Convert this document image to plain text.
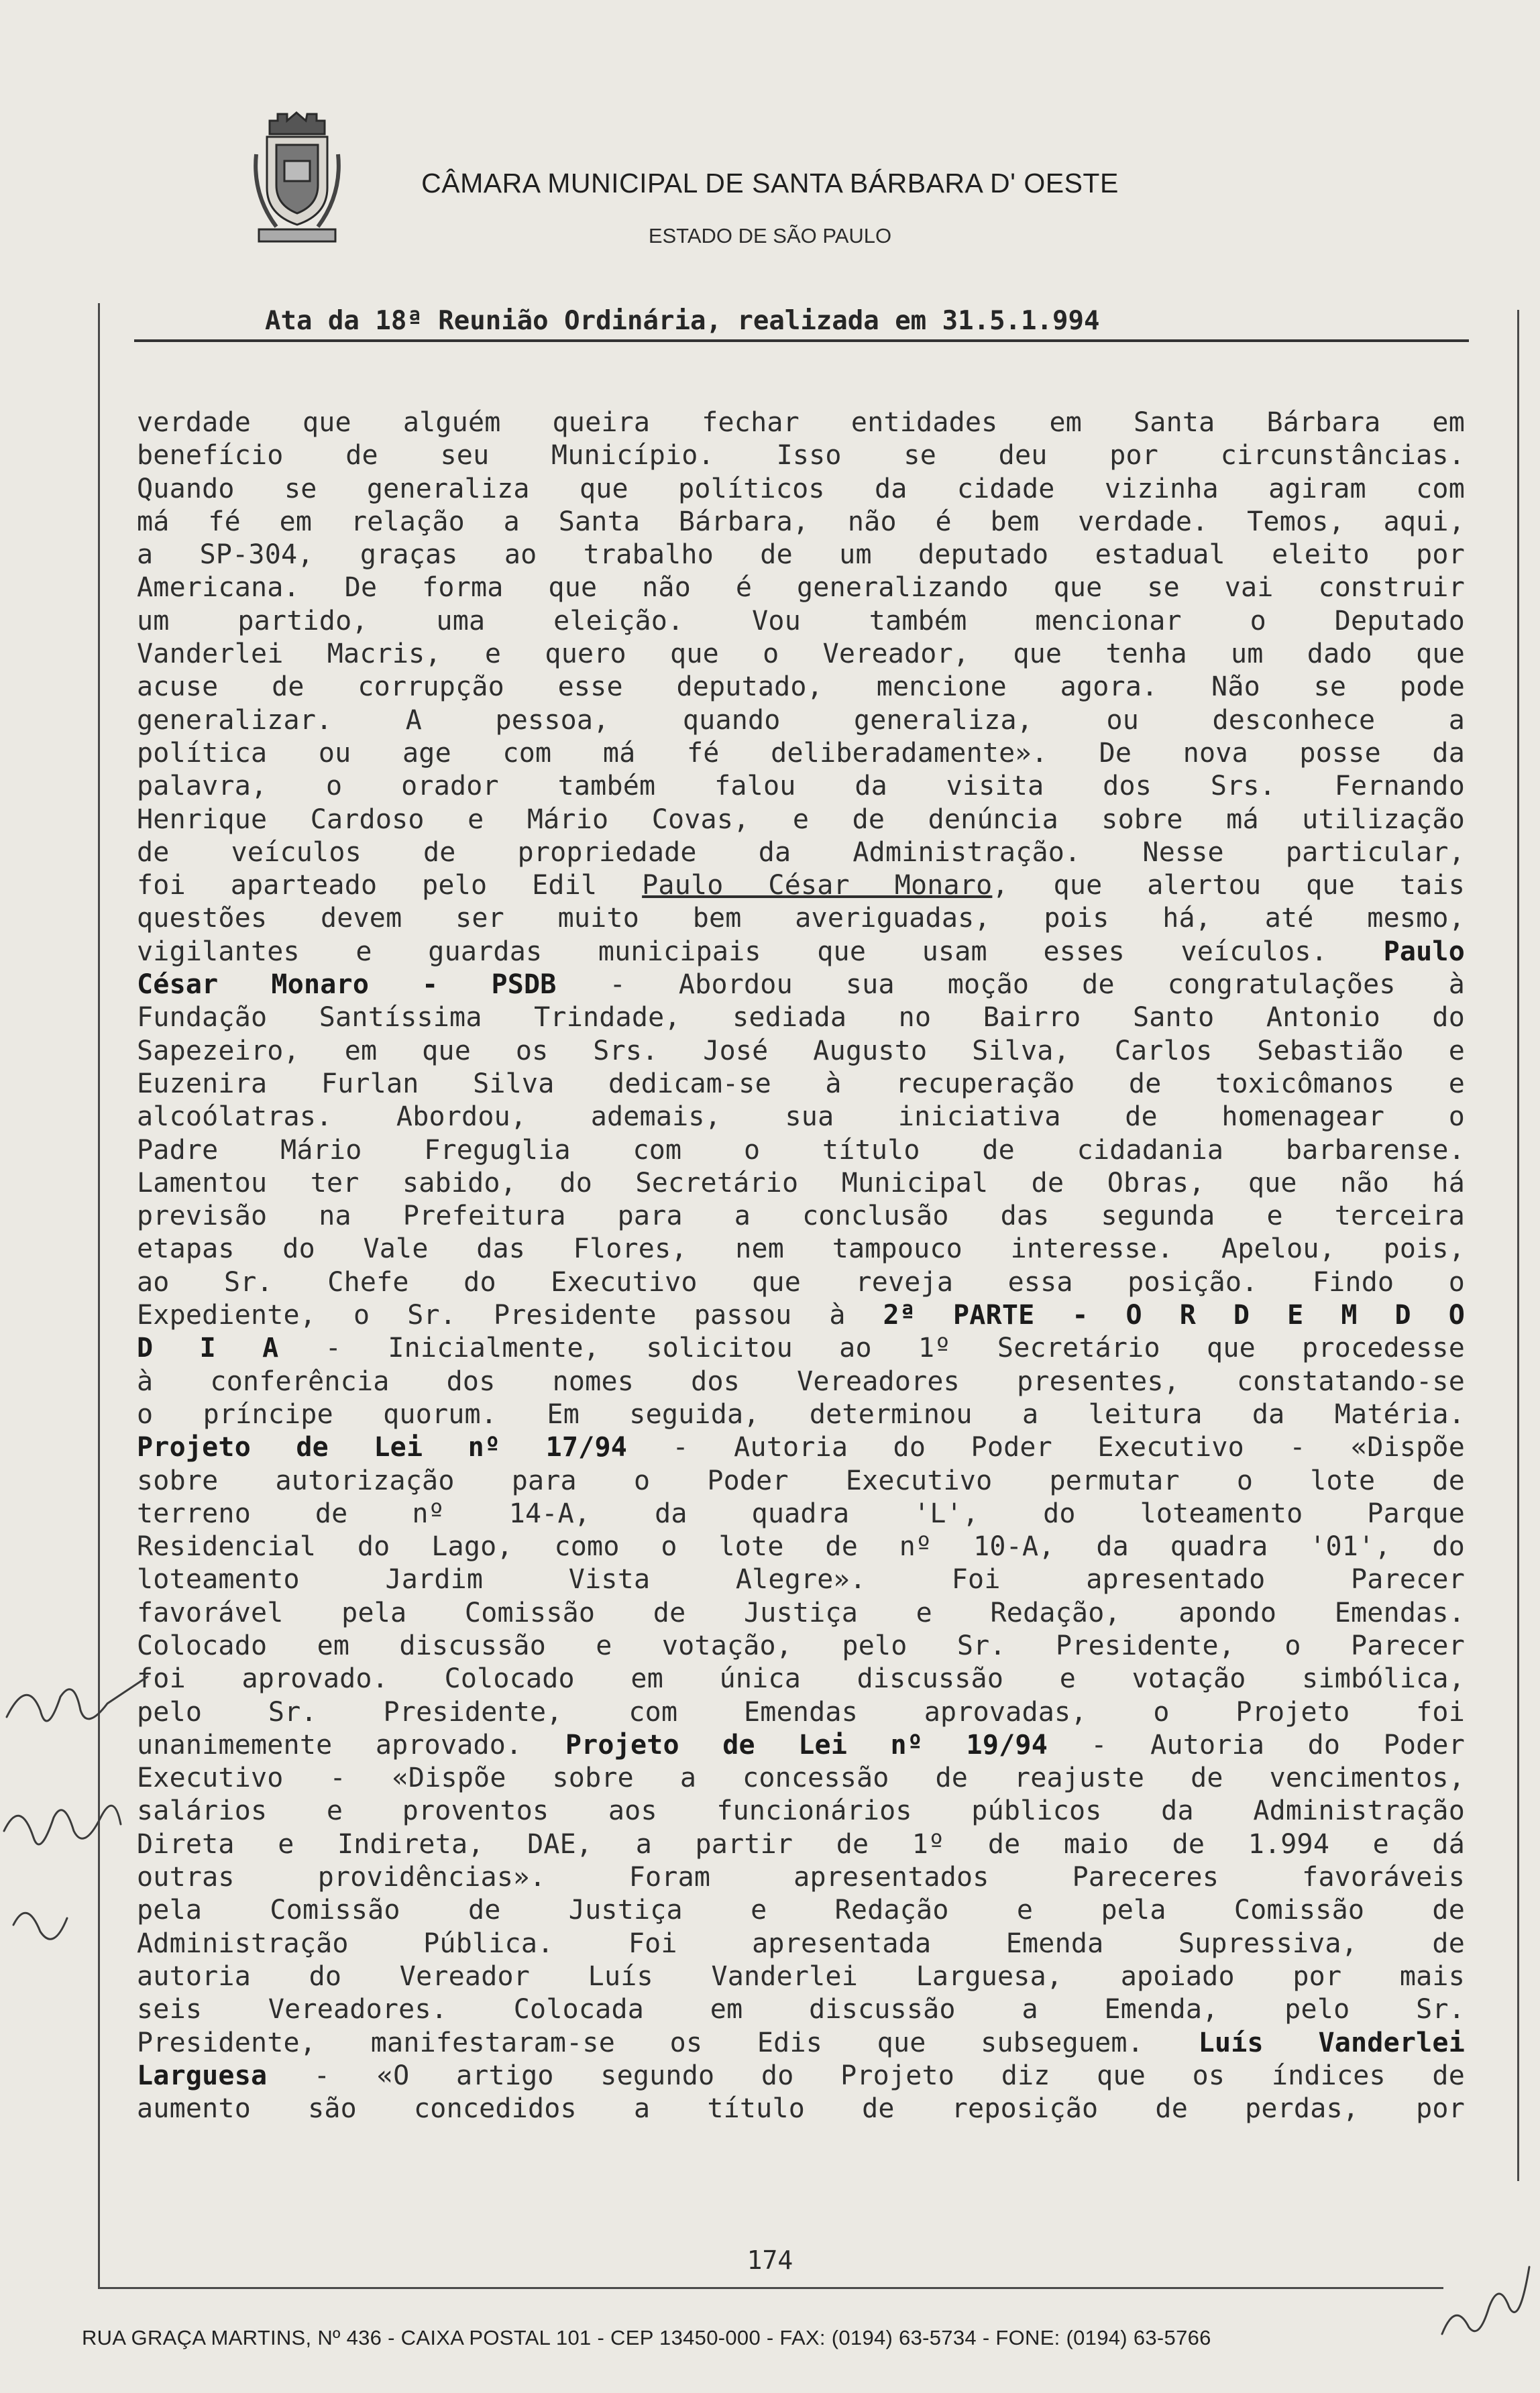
CÂMARA MUNICIPAL DE SANTA BÁRBARA D' OESTE
ESTADO DE SÃO PAULO
Ata da 18ª Reunião Ordinária, realizada em 31.5.1.994
verdade que alguém queira fechar entidades em Santa Bárbara em
benefício de seu Município. Isso se deu por circunstâncias.
Quando se generaliza que políticos da cidade vizinha agiram com
má fé em relação a Santa Bárbara, não é bem verdade. Temos, aqui,
a SP-304, graças ao trabalho de um deputado estadual eleito por
Americana. De forma que não é generalizando que se vai construir
um partido, uma eleição. Vou também mencionar o Deputado
Vanderlei Macris, e quero que o Vereador, que tenha um dado que
acuse de corrupção esse deputado, mencione agora. Não se pode
generalizar. A pessoa, quando generaliza, ou desconhece a
política ou age com má fé deliberadamente». De nova posse da
palavra, o orador também falou da visita dos Srs. Fernando
Henrique Cardoso e Mário Covas, e de denúncia sobre má utilização
de veículos de propriedade da Administração. Nesse particular,
foi aparteado pelo Edil Paulo César Monaro, que alertou que tais
questões devem ser muito bem averiguadas, pois há, até mesmo,
vigilantes e guardas municipais que usam esses veículos. Paulo
César Monaro - PSDB - Abordou sua moção de congratulações à
Fundação Santíssima Trindade, sediada no Bairro Santo Antonio do
Sapezeiro, em que os Srs. José Augusto Silva, Carlos Sebastião e
Euzenira Furlan Silva dedicam-se à recuperação de toxicômanos e
alcoólatras. Abordou, ademais, sua iniciativa de homenagear o
Padre Mário Freguglia com o título de cidadania barbarense.
Lamentou ter sabido, do Secretário Municipal de Obras, que não há
previsão na Prefeitura para a conclusão das segunda e terceira
etapas do Vale das Flores, nem tampouco interesse. Apelou, pois,
ao Sr. Chefe do Executivo que reveja essa posição. Findo o
Expediente, o Sr. Presidente passou à 2ª PARTE - O R D E M D O
D I A - Inicialmente, solicitou ao 1º Secretário que procedesse
à conferência dos nomes dos Vereadores presentes, constatando-se
o príncipe quorum. Em seguida, determinou a leitura da Matéria.
Projeto de Lei nº 17/94 - Autoria do Poder Executivo - «Dispõe
sobre autorização para o Poder Executivo permutar o lote de
terreno de nº 14-A, da quadra 'L', do loteamento Parque
Residencial do Lago, como o lote de nº 10-A, da quadra '01', do
loteamento Jardim Vista Alegre». Foi apresentado Parecer
favorável pela Comissão de Justiça e Redação, apondo Emendas.
Colocado em discussão e votação, pelo Sr. Presidente, o Parecer
foi aprovado. Colocado em única discussão e votação simbólica,
pelo Sr. Presidente, com Emendas aprovadas, o Projeto foi
unanimemente aprovado. Projeto de Lei nº 19/94 - Autoria do Poder
Executivo - «Dispõe sobre a concessão de reajuste de vencimentos,
salários e proventos aos funcionários públicos da Administração
Direta e Indireta, DAE, a partir de 1º de maio de 1.994 e dá
outras providências». Foram apresentados Pareceres favoráveis
pela Comissão de Justiça e Redação e pela Comissão de
Administração Pública. Foi apresentada Emenda Supressiva, de
autoria do Vereador Luís Vanderlei Larguesa, apoiado por mais
seis Vereadores. Colocada em discussão a Emenda, pelo Sr.
Presidente, manifestaram-se os Edis que subseguem. Luís Vanderlei
Larguesa - «O artigo segundo do Projeto diz que os índices de
aumento são concedidos a título de reposição de perdas, por
174
RUA GRAÇA MARTINS, Nº 436 - CAIXA POSTAL 101 - CEP 13450-000 - FAX: (0194) 63-5734 - FONE: (0194) 63-5766
